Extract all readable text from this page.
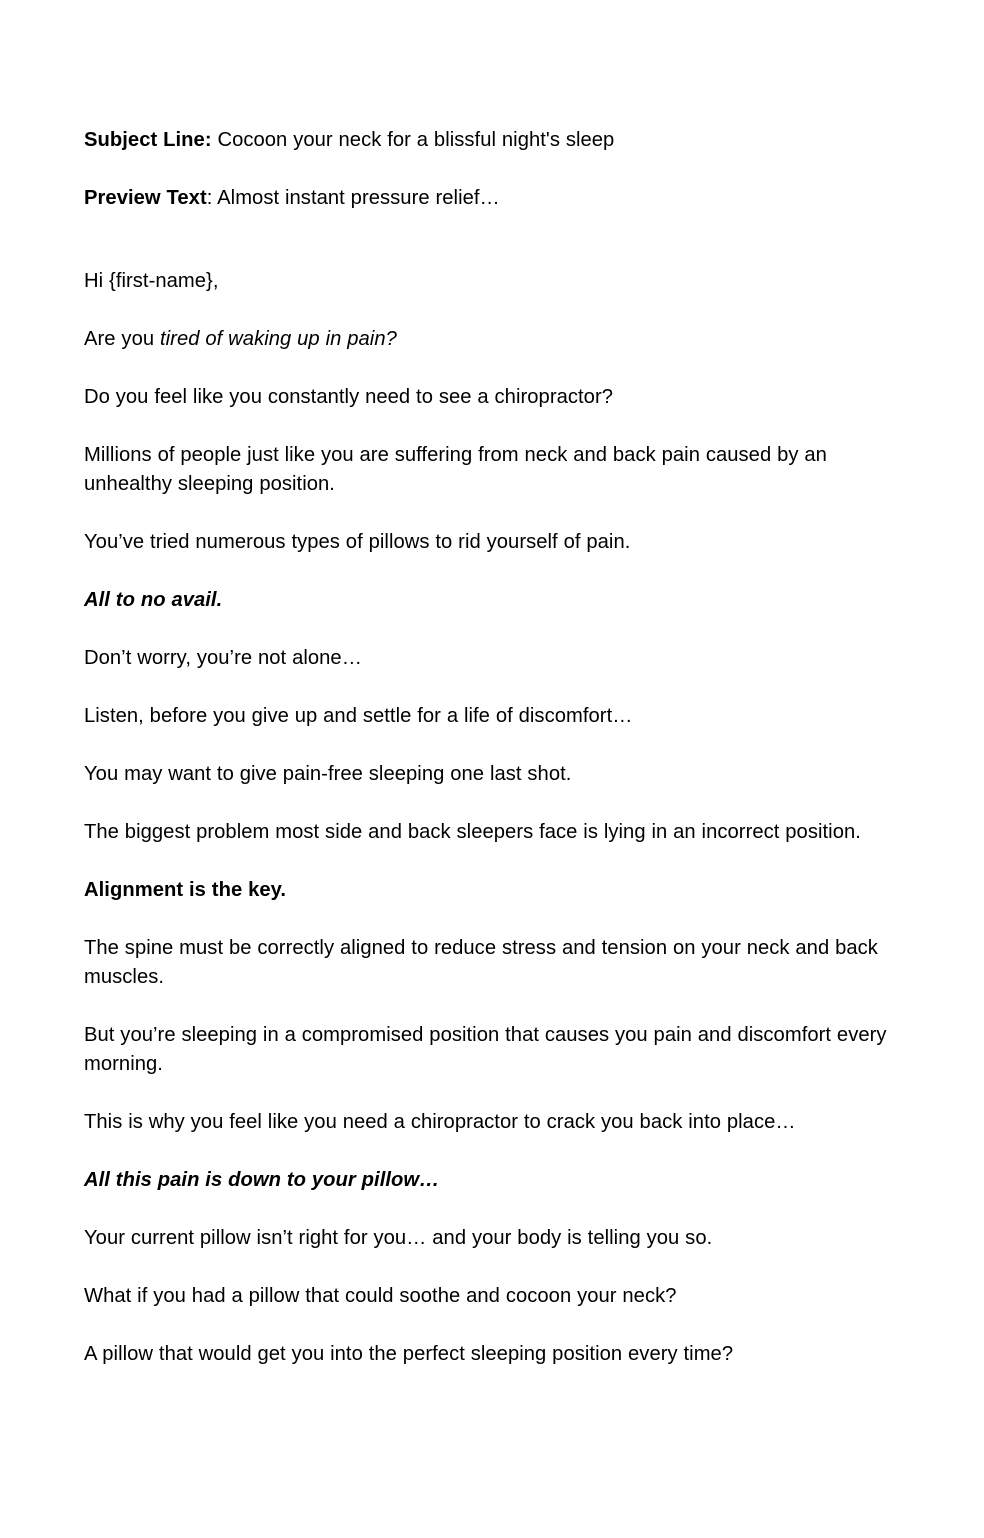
Subject Line: Cocoon your neck for a blissful night's sleep

Preview Text: Almost instant pressure relief…

Hi {first-name},

Are you tired of waking up in pain?

Do you feel like you constantly need to see a chiropractor?

Millions of people just like you are suffering from neck and back pain caused by an unhealthy sleeping position.

You’ve tried numerous types of pillows to rid yourself of pain.

All to no avail.

Don’t worry, you’re not alone…

Listen, before you give up and settle for a life of discomfort…

You may want to give pain-free sleeping one last shot.

The biggest problem most side and back sleepers face is lying in an incorrect position.

Alignment is the key.

The spine must be correctly aligned to reduce stress and tension on your neck and back muscles.

But you’re sleeping in a compromised position that causes you pain and discomfort every morning.

This is why you feel like you need a chiropractor to crack you back into place…

All this pain is down to your pillow…

Your current pillow isn’t right for you… and your body is telling you so.

What if you had a pillow that could soothe and cocoon your neck?

A pillow that would get you into the perfect sleeping position every time?
